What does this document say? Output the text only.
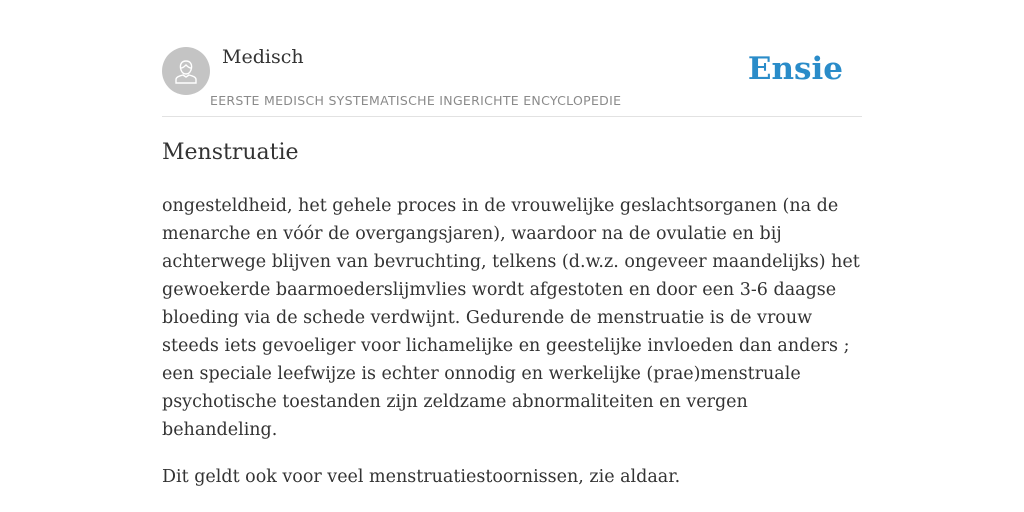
Medisch
EERSTE MEDISCH SYSTEMATISCHE INGERICHTE ENCYCLOPEDIE
Ensie
Menstruatie

ongesteldheid, het gehele proces in de vrouwelijke geslachtsorganen (na de menarche en vóór de overgangsjaren), waardoor na de ovulatie en bij achterwege blijven van bevruchting, telkens (d.w.z. ongeveer maandelijks) het gewoekerde baarmoederslijmvlies wordt afgestoten en door een 3-6 daagse bloeding via de schede verdwijnt. Gedurende de menstruatie is de vrouw steeds iets gevoeliger voor lichamelijke en geestelijke invloeden dan anders ; een speciale leefwijze is echter onnodig en werkelijke (prae)menstruale psychotische toestanden zijn zeldzame abnormaliteiten en vergen behandeling.

Dit geldt ook voor veel menstruatiestoornissen, zie aldaar.
